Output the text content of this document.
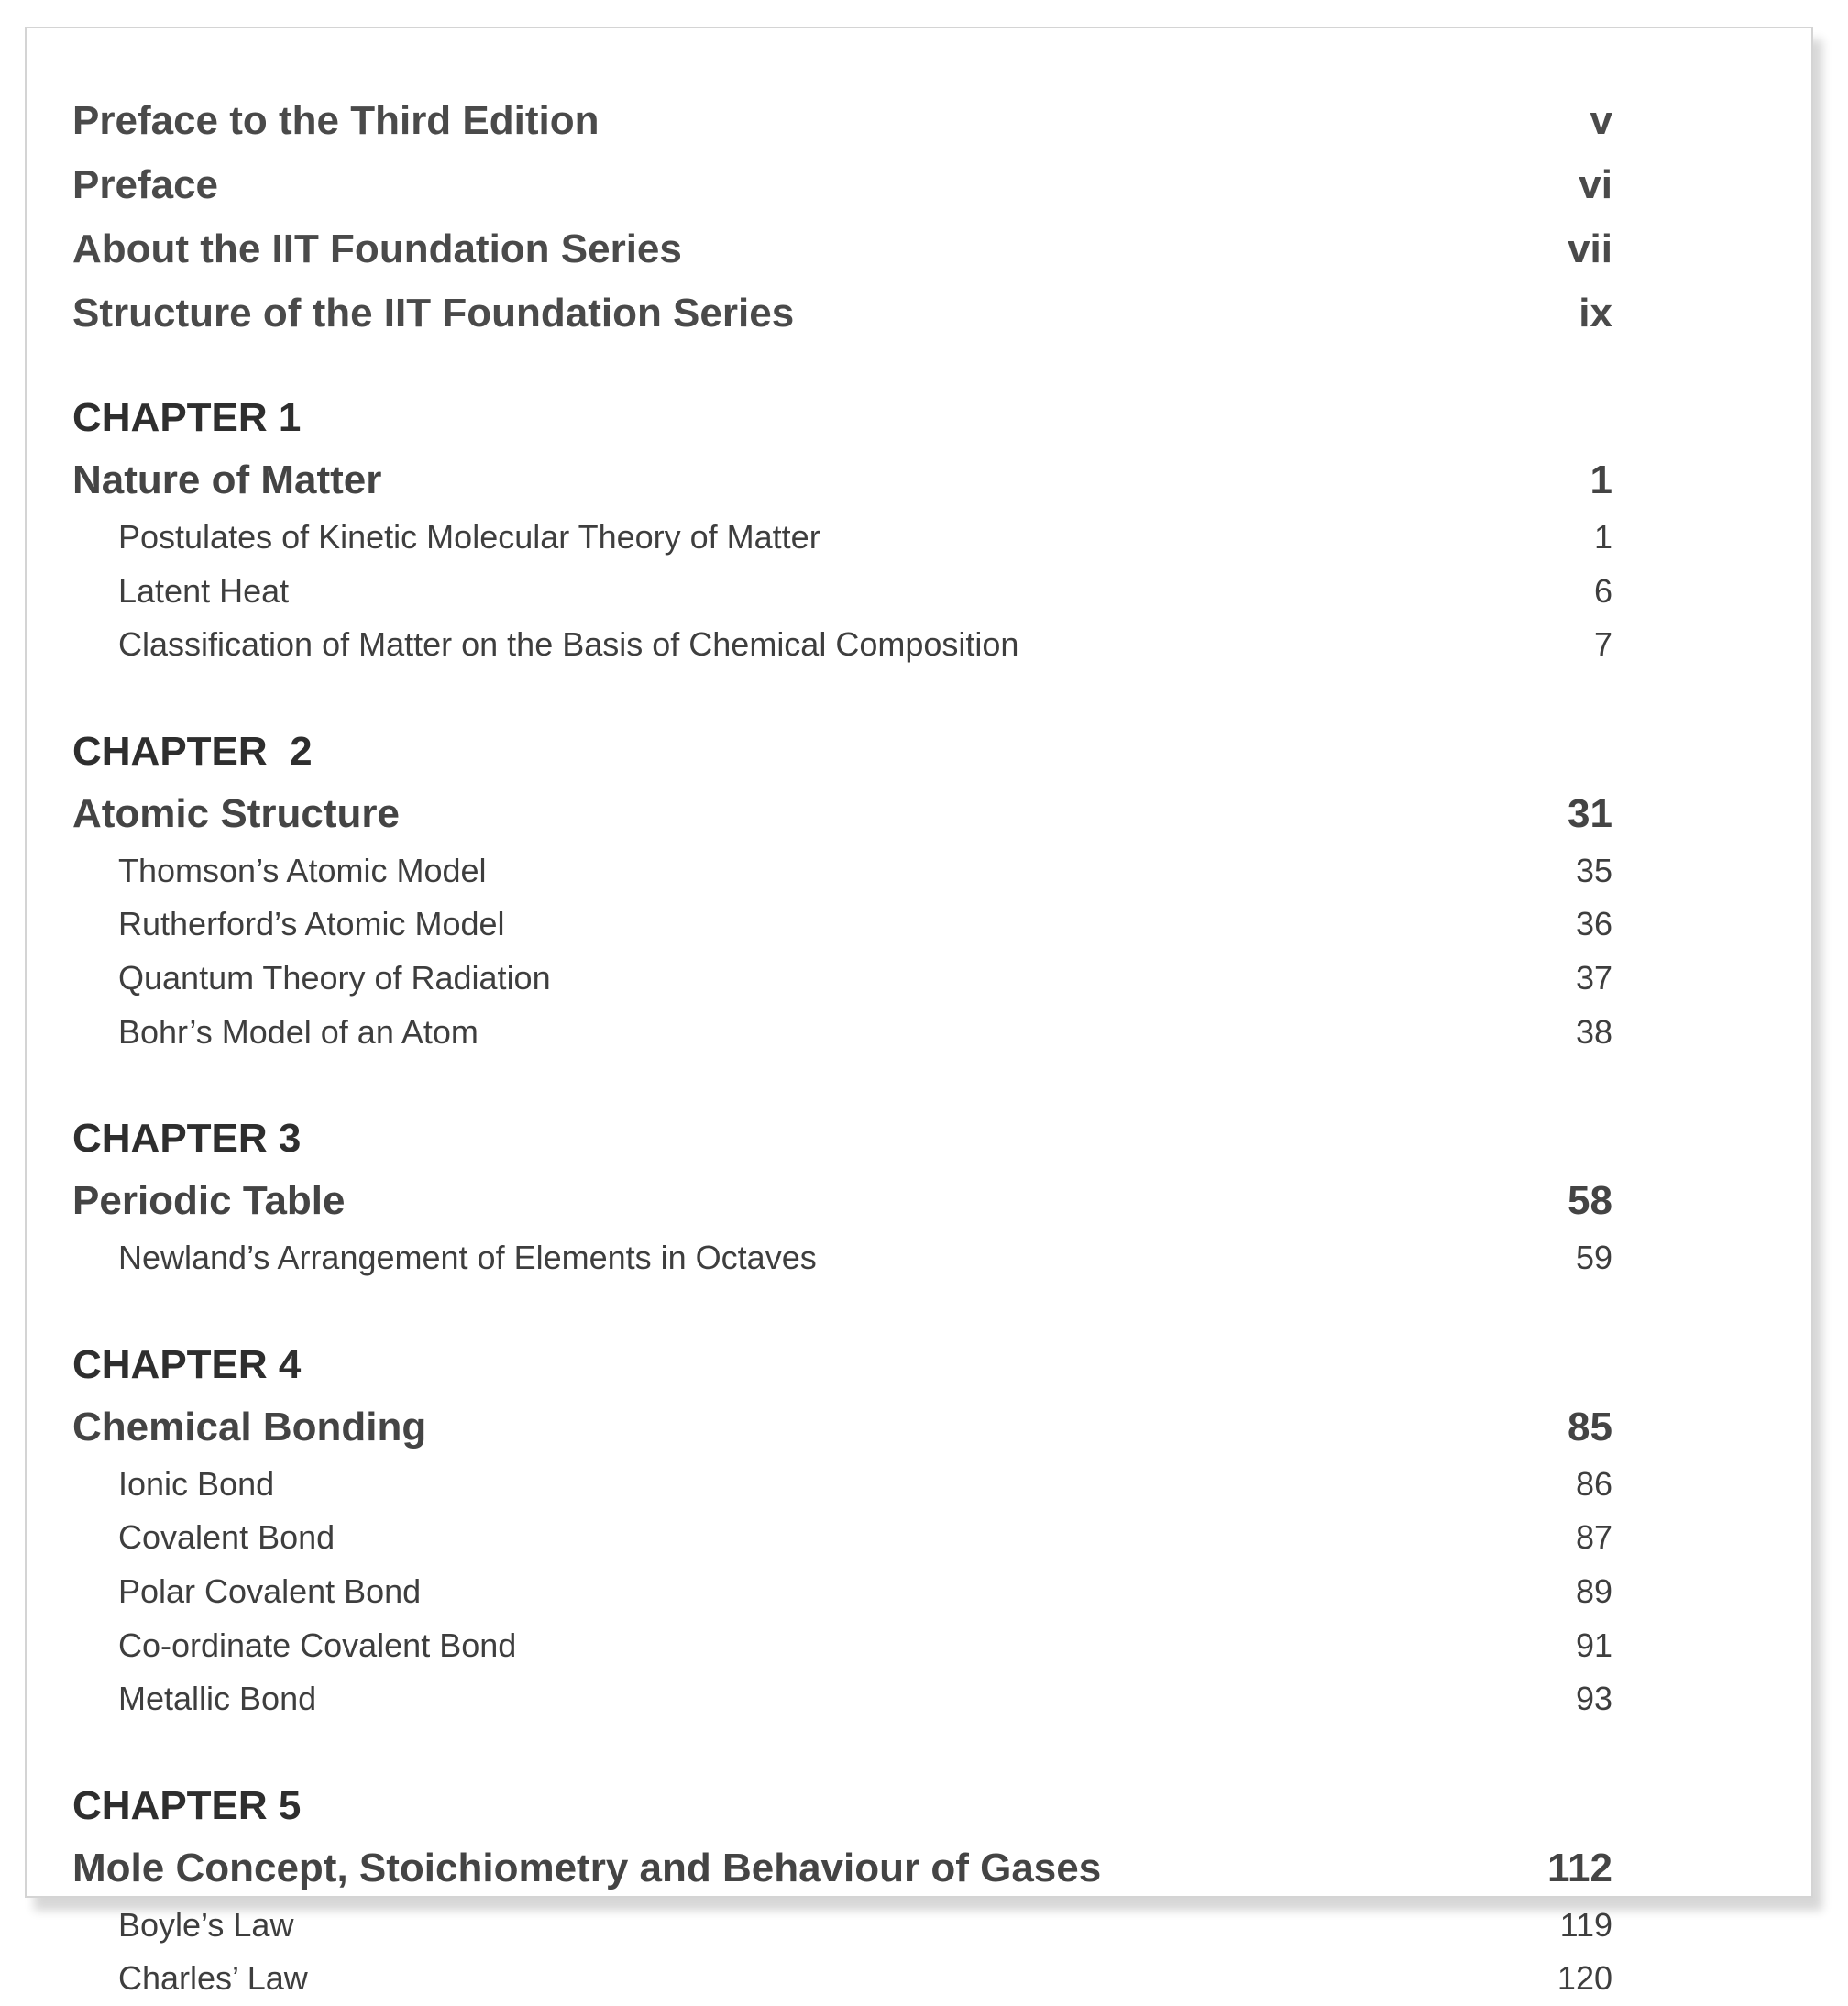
Preface to the Third Edition	v
Preface	vi
About the IIT Foundation Series	vii
Structure of the IIT Foundation Series	ix
CHAPTER 1
Nature of Matter	1
Postulates of Kinetic Molecular Theory of Matter	1
Latent Heat	6
Classification of Matter on the Basis of Chemical Composition	7
CHAPTER  2
Atomic Structure	31
Thomson’s Atomic Model	35
Rutherford’s Atomic Model	36
Quantum Theory of Radiation	37
Bohr’s Model of an Atom	38
CHAPTER 3
Periodic Table	58
Newland’s Arrangement of Elements in Octaves	59
CHAPTER 4
Chemical Bonding	85
Ionic Bond	86
Covalent Bond	87
Polar Covalent Bond	89
Co-ordinate Covalent Bond	91
Metallic Bond	93
CHAPTER 5
Mole Concept, Stoichiometry and Behaviour of Gases	112
Boyle’s Law	119
Charles’ Law	120
